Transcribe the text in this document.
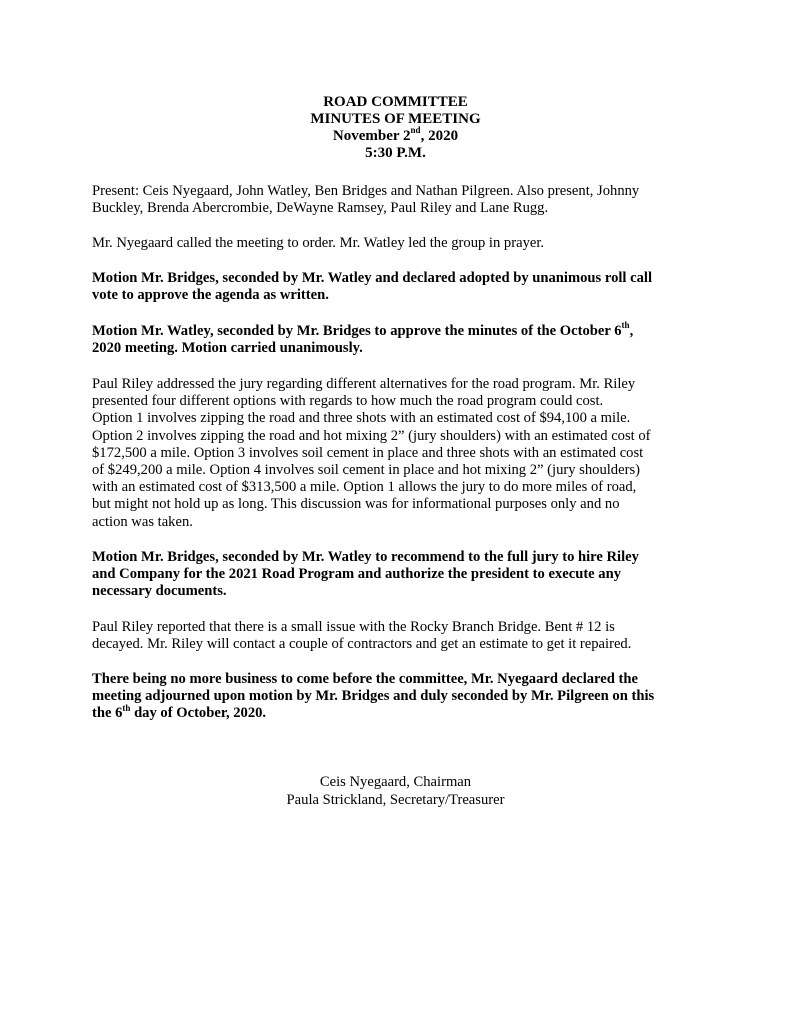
ROAD COMMITTEE
MINUTES OF MEETING
November 2nd, 2020
5:30 P.M.

Present: Ceis Nyegaard, John Watley, Ben Bridges and Nathan Pilgreen. Also present, Johnny
Buckley, Brenda Abercrombie, DeWayne Ramsey, Paul Riley and Lane Rugg.

Mr. Nyegaard called the meeting to order. Mr. Watley led the group in prayer.

Motion Mr. Bridges, seconded by Mr. Watley and declared adopted by unanimous roll call
vote to approve the agenda as written.

Motion Mr. Watley, seconded by Mr. Bridges to approve the minutes of the October 6th,
2020 meeting. Motion carried unanimously.

Paul Riley addressed the jury regarding different alternatives for the road program. Mr. Riley
presented four different options with regards to how much the road program could cost.
Option 1 involves zipping the road and three shots with an estimated cost of $94,100 a mile.
Option 2 involves zipping the road and hot mixing 2” (jury shoulders) with an estimated cost of
$172,500 a mile. Option 3 involves soil cement in place and three shots with an estimated cost
of $249,200 a mile. Option 4 involves soil cement in place and hot mixing 2” (jury shoulders)
with an estimated cost of $313,500 a mile. Option 1 allows the jury to do more miles of road,
but might not hold up as long. This discussion was for informational purposes only and no
action was taken.

Motion Mr. Bridges, seconded by Mr. Watley to recommend to the full jury to hire Riley
and Company for the 2021 Road Program and authorize the president to execute any
necessary documents.

Paul Riley reported that there is a small issue with the Rocky Branch Bridge. Bent # 12 is
decayed. Mr. Riley will contact a couple of contractors and get an estimate to get it repaired.

There being no more business to come before the committee, Mr. Nyegaard declared the
meeting adjourned upon motion by Mr. Bridges and duly seconded by Mr. Pilgreen on this
the 6th day of October, 2020.

Ceis Nyegaard, Chairman
Paula Strickland, Secretary/Treasurer
